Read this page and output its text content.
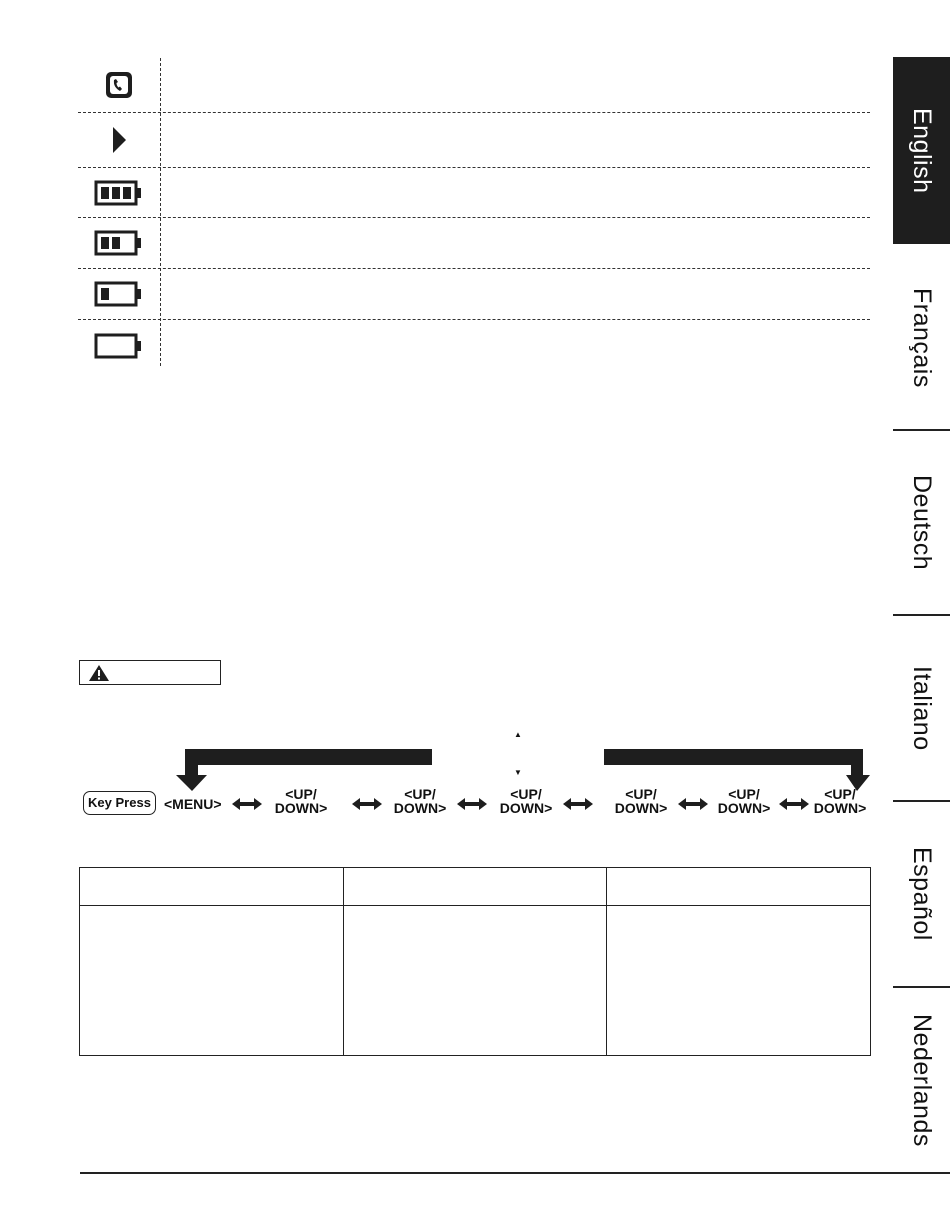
English
Français
Deutsch
Italiano
Español
Nederlands
Key Press <MENU>
<UP/
DOWN>
<UP/
DOWN>
<UP/
DOWN>
<UP/
DOWN>
<UP/
DOWN>
<UP/
DOWN>
▲
▼
